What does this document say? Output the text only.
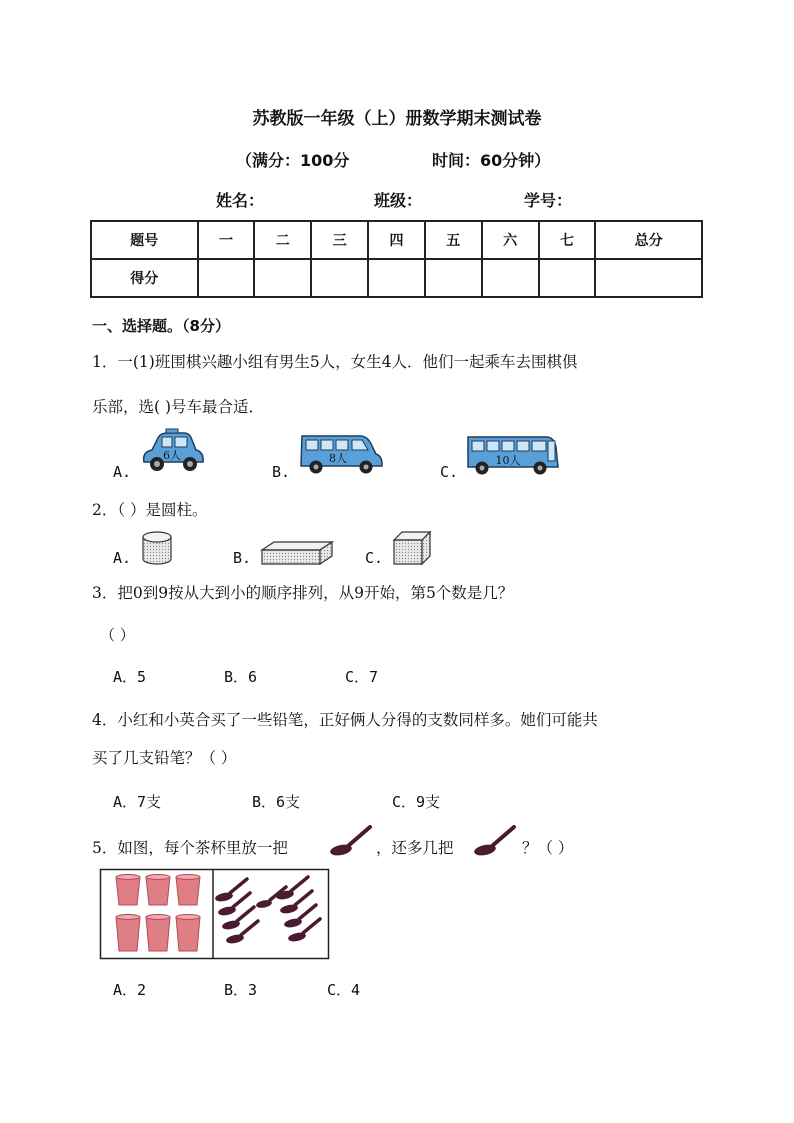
苏教版一年级（上）册数学期末测试卷
（满分：100分	时间：60分钟）
姓名：	班级：	学号：
题号	一	二	三	四	五	六	七	总分
得分								
一、选择题。（8分）
1．一(1)班围棋兴趣小组有男生5人，女生4人．他们一起乘车去围棋俱
乐部，选( )号车最合适．
A.
6人
B.
8人
C.
10人
2．（ ）是圆柱。
A.	B.	C.
3．把0到9按从大到小的顺序排列，从9开始，第5个数是几？
（ ）
A．5	B．6	C．7
4．小红和小英合买了一些铅笔，正好俩人分得的支数同样多。她们可能共
买了几支铅笔？（ ）
A．7支	B．6支	C．9支
5．如图，每个茶杯里放一把	，还多几把	？（ ）
A．2	B．3	C．4
